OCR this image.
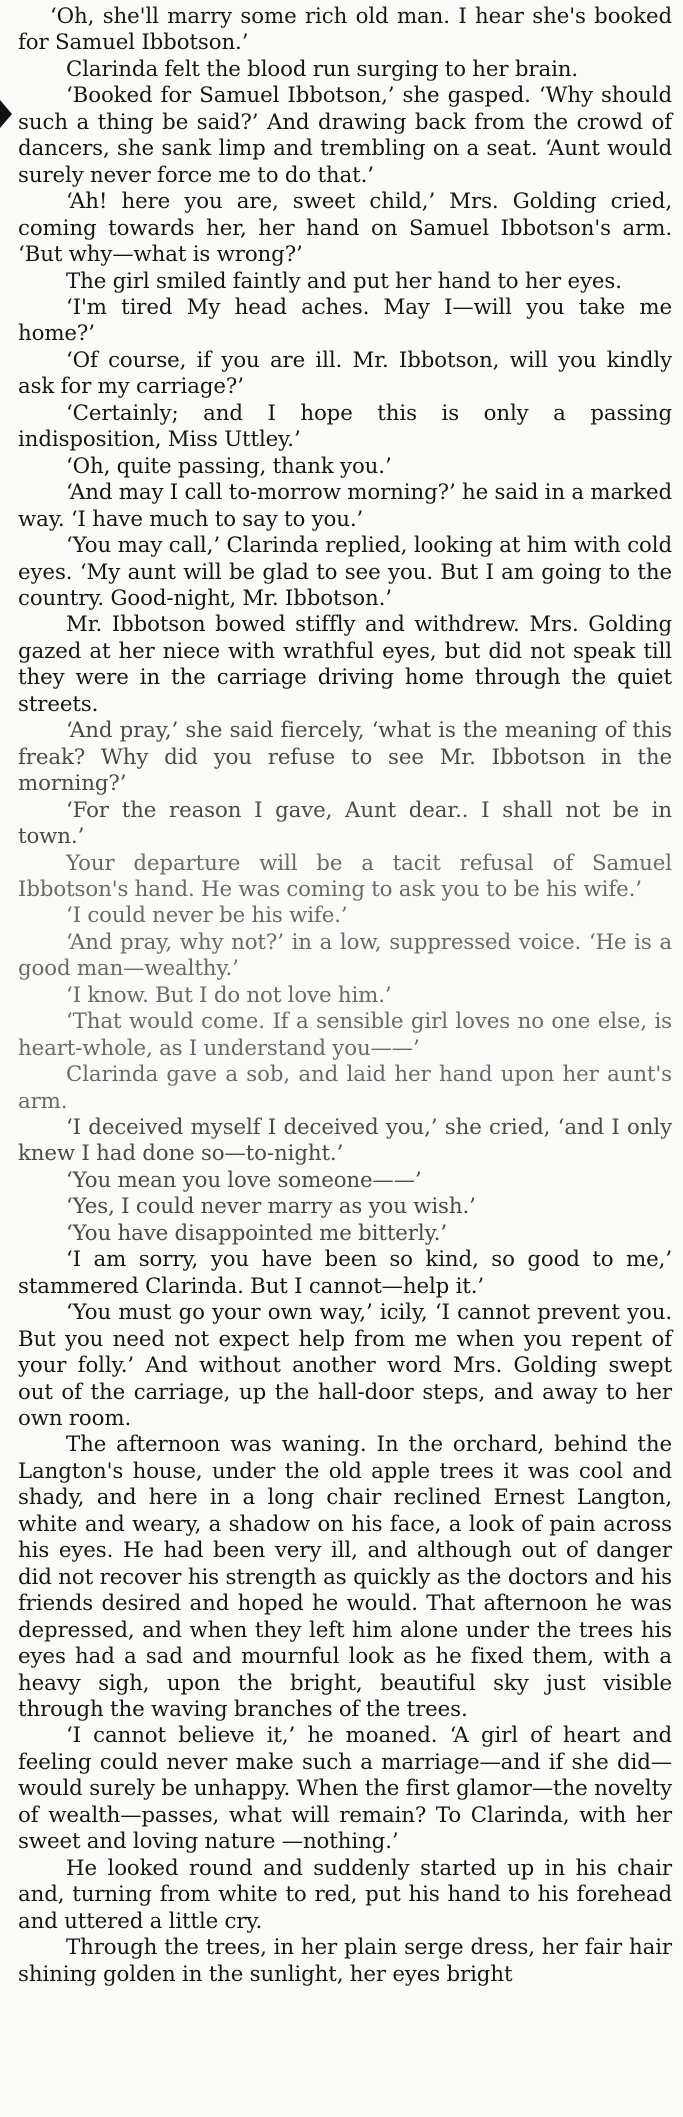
‘Oh, she'll marry some rich old man. I hear she's booked for Samuel Ibbotson.’

Clarinda felt the blood run surging to her brain.

‘Booked for Samuel Ibbotson,’ she gasped. ‘Why should such a thing be said?’ And drawing back from the crowd of dancers, she sank limp and trembling on a seat. ‘Aunt would surely never force me to do that.’

‘Ah! here you are, sweet child,’ Mrs. Golding cried, coming towards her, her hand on Samuel Ibbotson's arm. ‘But why—what is wrong?’

The girl smiled faintly and put her hand to her eyes.

‘I'm tired My head aches. May I—will you take me home?’

‘Of course, if you are ill. Mr. Ibbotson, will you kindly ask for my carriage?’

‘Certainly; and I hope this is only a passing indisposition, Miss Uttley.’

‘Oh, quite passing, thank you.’

‘And may I call to-morrow morning?’ he said in a marked way. ‘I have much to say to you.’

‘You may call,’ Clarinda replied, looking at him with cold eyes. ‘My aunt will be glad to see you. But I am going to the country. Good-night, Mr. Ibbotson.’

Mr. Ibbotson bowed stiffly and withdrew. Mrs. Golding gazed at her niece with wrathful eyes, but did not speak till they were in the carriage driving home through the quiet streets.

‘And pray,’ she said fiercely, ‘what is the meaning of this freak? Why did you refuse to see Mr. Ibbotson in the morning?’

‘For the reason I gave, Aunt dear.. I shall not be in town.’

Your departure will be a tacit refusal of Samuel Ibbotson's hand. He was coming to ask you to be his wife.’

‘I could never be his wife.’

‘And pray, why not?’ in a low, suppressed voice. ‘He is a good man—wealthy.’

‘I know. But I do not love him.’

‘That would come. If a sensible girl loves no one else, is heart-whole, as I understand you——’

Clarinda gave a sob, and laid her hand upon her aunt's arm.

‘I deceived myself I deceived you,’ she cried, ‘and I only knew I had done so—to-night.’

‘You mean you love someone——’

‘Yes, I could never marry as you wish.’

‘You have disappointed me bitterly.’

‘I am sorry, you have been so kind, so good to me,’ stammered Clarinda. But I cannot—help it.’

‘You must go your own way,’ icily, ‘I cannot prevent you. But you need not expect help from me when you repent of your folly.’ And without another word Mrs. Golding swept out of the carriage, up the hall-door steps, and away to her own room.

The afternoon was waning. In the orchard, behind the Langton's house, under the old apple trees it was cool and shady, and here in a long chair reclined Ernest Langton, white and weary, a shadow on his face, a look of pain across his eyes. He had been very ill, and although out of danger did not recover his strength as quickly as the doctors and his friends desired and hoped he would. That afternoon he was depressed, and when they left him alone under the trees his eyes had a sad and mournful look as he fixed them, with a heavy sigh, upon the bright, beautiful sky just visible through the waving branches of the trees.

‘I cannot believe it,’ he moaned. ‘A girl of heart and feeling could never make such a marriage—and if she did—would surely be unhappy. When the first glamor—the novelty of wealth—passes, what will remain? To Clarinda, with her sweet and loving nature —nothing.’

He looked round and suddenly started up in his chair and, turning from white to red, put his hand to his forehead and uttered a little cry.

Through the trees, in her plain serge dress, her fair hair shining golden in the sunlight, her eyes bright
